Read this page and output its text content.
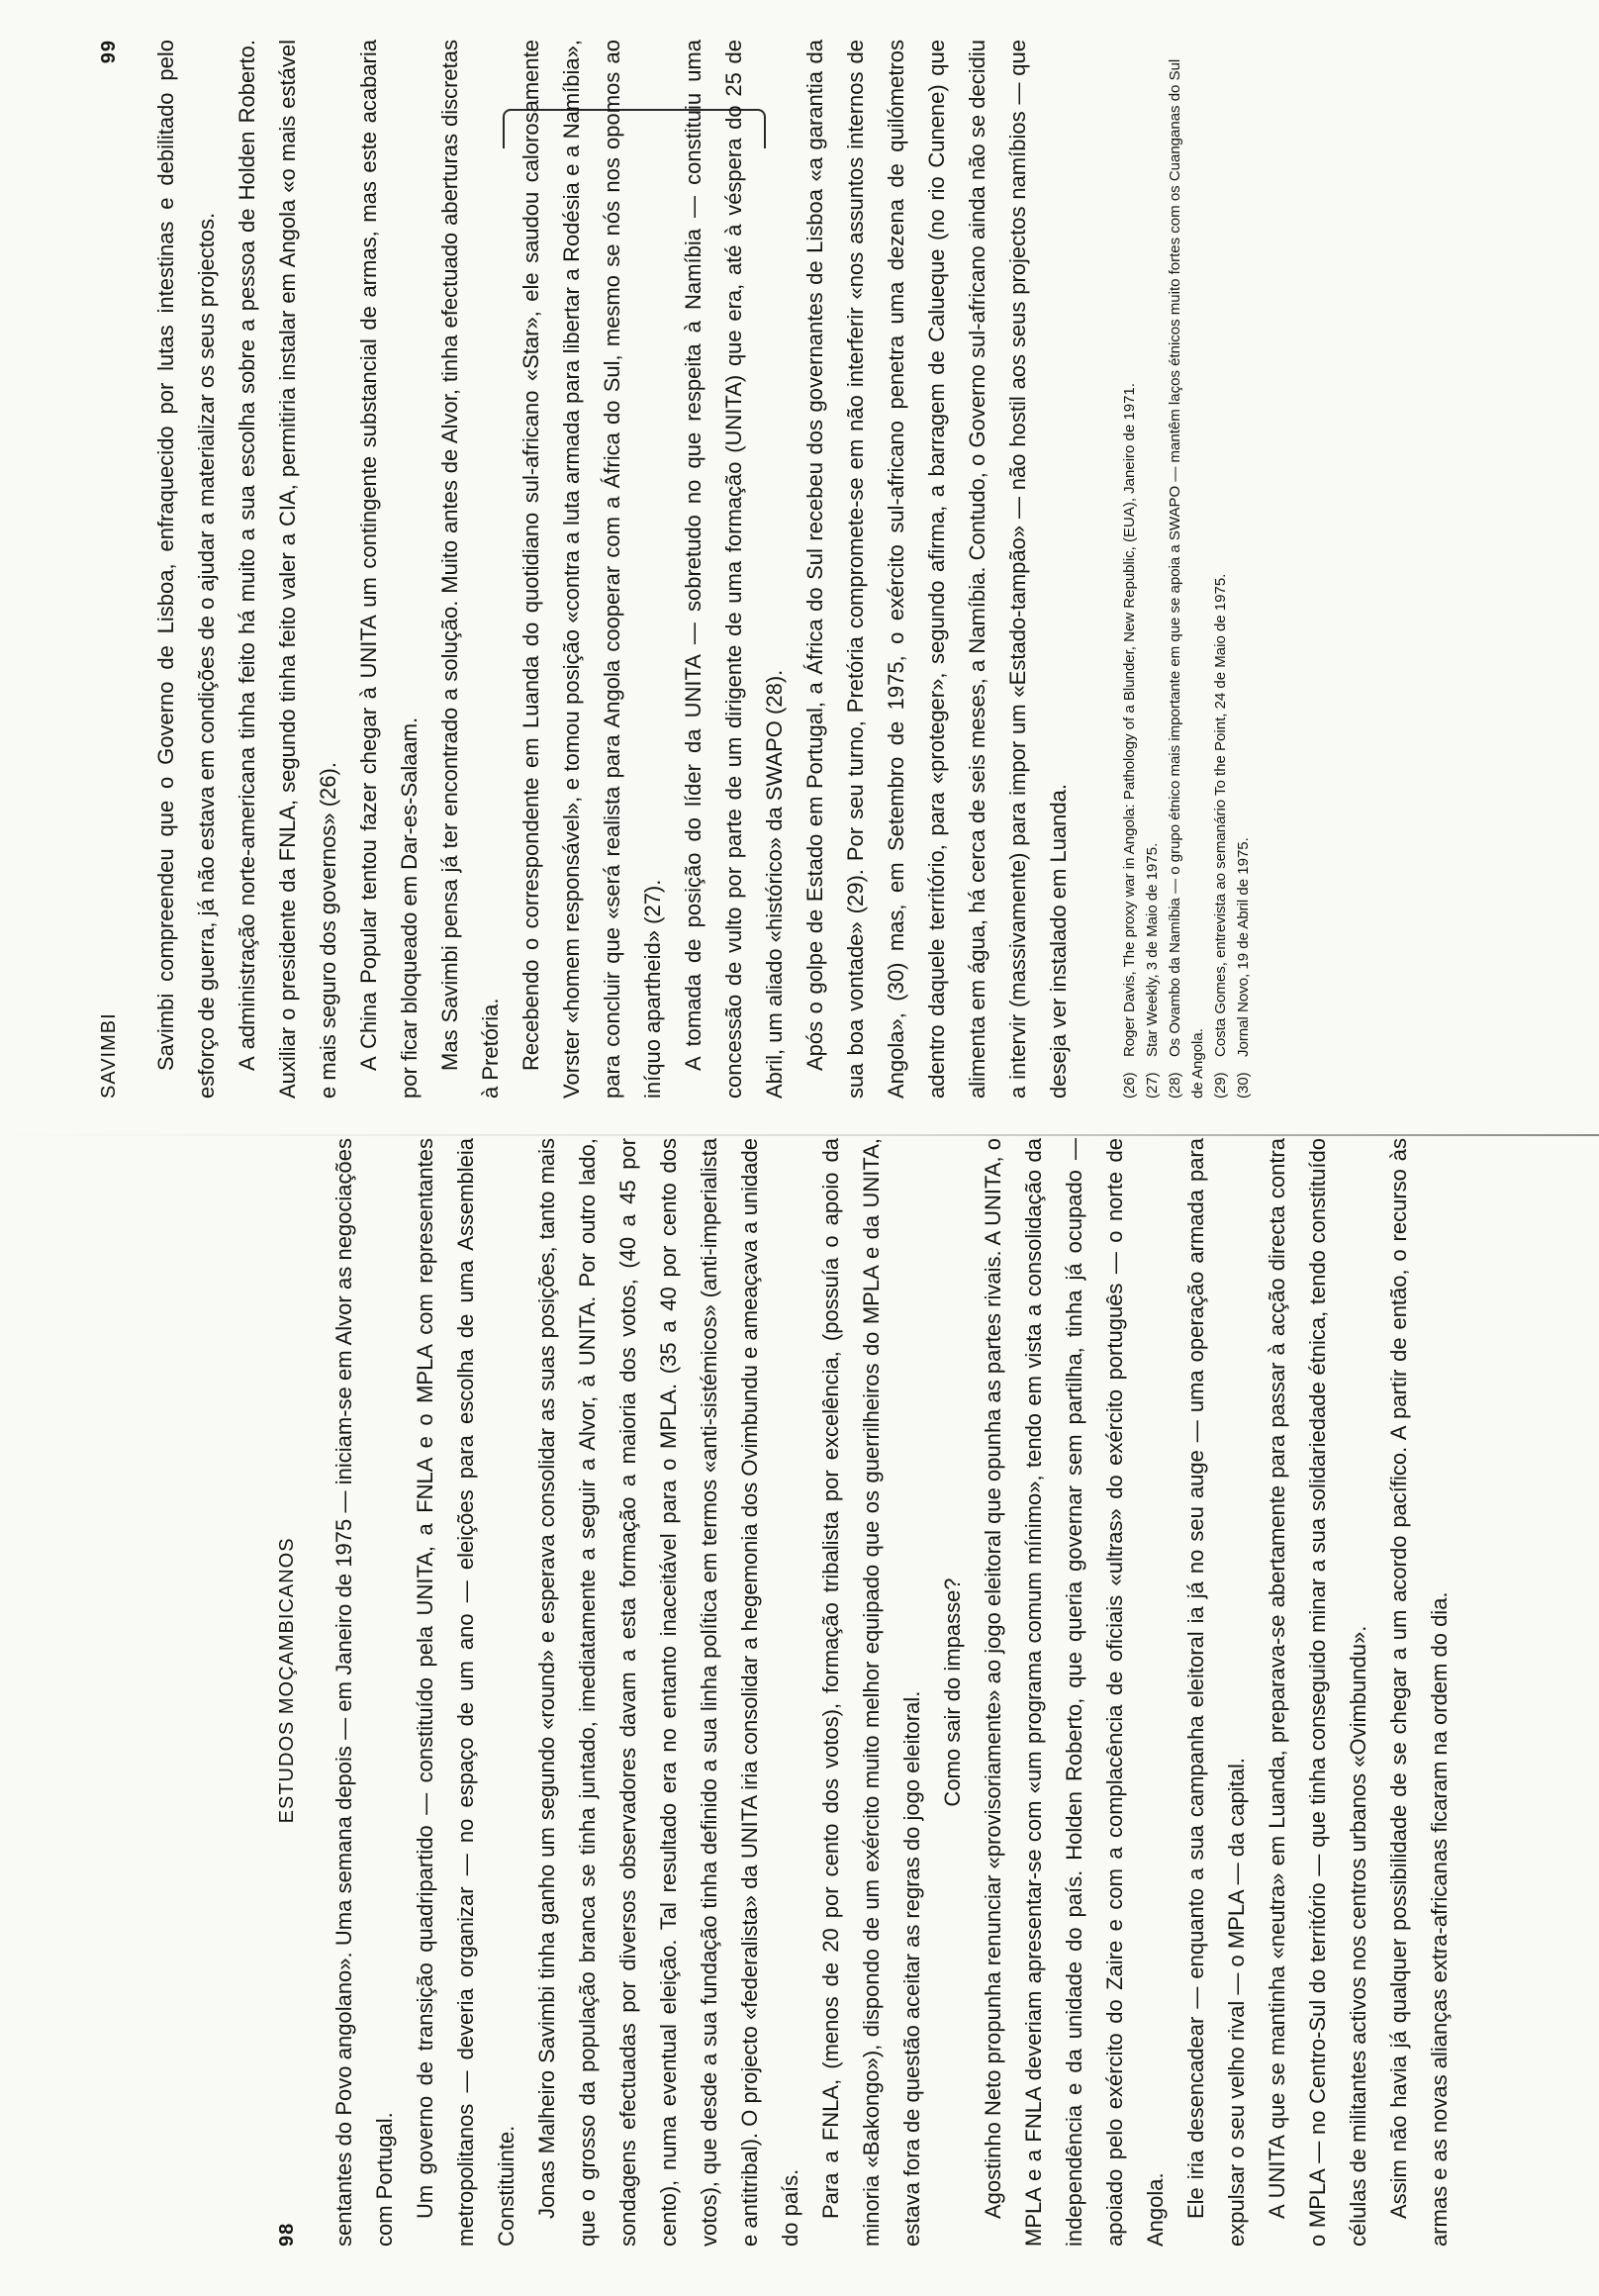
98
ESTUDOS MOÇAMBICANOS	sentantes do Povo angolano». Uma semana depois — em Janeiro de 1975 — iniciam-se em Alvor as negociações com Portugal. Um governo de transição quadripartido — constituído pela UNITA, a FNLA e o MPLA com representantes metropolitanos — deveria organizar — no espaço de um ano — eleições para escolha de uma Assembleia Constituinte. Jonas Malheiro Savimbi tinha ganho um segundo «round» e esperava consolidar as suas posições, tanto mais que o grosso da população branca se tinha juntado, imediatamente a seguir a Alvor, à UNITA. Por outro lado, sondagens efectuadas por diversos observadores davam a esta formação a maioria dos votos, (40 a 45 por cento), numa eventual eleição. Tal resultado era no entanto inaceitável para o MPLA. (35 a 40 por cento dos votos), que desde a sua fundação tinha definido a sua linha política em termos «anti-sistémicos» (anti-imperialista e antitribal). O projecto «federalista» da UNITA iria consolidar a hegemonia dos Ovimbundu e ameaçava a unidade do país. Para a FNLA, (menos de 20 por cento dos votos), formação tribalista por excelência, (possuía o apoio da minoria «Bakongo»), dispondo de um exército muito melhor equipado que os guerrilheiros do MPLA e da UNITA, estava fora de questão aceitar as regras do jogo eleitoral. Como sair do impasse? Agostinho Neto propunha renunciar «provisoriamente» ao jogo eleitoral que opunha as partes rivais. A UNITA, o MPLA e a FNLA deveriam apresentar-se com «um programa comum mínimo», tendo em vista a consolidação da independência e da unidade do país. Holden Roberto, que queria governar sem partilha, tinha já ocupado — apoiado pelo exército do Zaire e com a complacência de oficiais «ultras» do exército português — o norte de Angola. Ele iria desencadear — enquanto a sua campanha eleitoral ia já no seu auge — uma operação armada para expulsar o seu velho rival — o MPLA — da capital. A UNITA que se mantinha «neutra» em Luanda, preparava-se abertamente para passar à acção directa contra o MPLA — no Centro-Sul do território — que tinha conseguido minar a sua solidariedade étnica, tendo constituído células de militantes activos nos centros urbanos «Ovimbundu». Assim não havia já qualquer possibilidade de se chegar a um acordo pacífico. A partir de então, o recurso às armas e as novas alianças extra-africanas ficaram na ordem do dia.

99
SAVIMBI	Savimbi compreendeu que o Governo de Lisboa, enfraquecido por lutas intestinas e debilitado pelo esforço de guerra, já não estava em condições de o ajudar a materializar os seus projectos. A administração norte-americana tinha feito há muito a sua escolha sobre a pessoa de Holden Roberto. Auxiliar o presidente da FNLA, segundo tinha feito valer a CIA, permitiria instalar em Angola «o mais estável e mais seguro dos governos» (26). A China Popular tentou fazer chegar à UNITA um contingente substancial de armas, mas este acabaria por ficar bloqueado em Dar-es-Salaam. Mas Savimbi pensa já ter encontrado a solução. Muito antes de Alvor, tinha efectuado aberturas discretas à Pretória. Recebendo o correspondente em Luanda do quotidiano sul-africano «Star», ele saudou calorosamente Vorster «homem responsável», e tomou posição «contra a luta armada para libertar a Rodésia e a Namíbia», para concluir que «será realista para Angola cooperar com a África do Sul, mesmo se nós nos opomos ao iníquo apartheid» (27). A tomada de posição do líder da UNITA — sobretudo no que respeita à Namíbia — constituiu uma concessão de vulto por parte de um dirigente de uma formação (UNITA) que era, até à véspera do 25 de Abril, um aliado «histórico» da SWAPO (28). Após o golpe de Estado em Portugal, a África do Sul recebeu dos governantes de Lisboa «a garantia da sua boa vontade» (29). Por seu turno, Pretória compromete-se em não interferir «nos assuntos internos de Angola», (30) mas, em Setembro de 1975, o exército sul-africano penetra uma dezena de quilómetros adentro daquele território, para «proteger», segundo afirma, a barragem de Calueque (no rio Cunene) que alimenta em água, há cerca de seis meses, a Namíbia. Contudo, o Governo sul-africano ainda não se decidiu a intervir (massivamente) para impor um «Estado-tampão» — não hostil aos seus projectos namíbios — que deseja ver instalado em Luanda.	(26)Roger Davis, The proxy war in Angola: Pathology of a Blunder, New Republic, (EUA), Janeiro de 1971.

(27)Star Weekly, 3 de Maio de 1975.

(28)Os Ovambo da Namíbia — o grupo étnico mais importante em que se apoia a SWAPO — mantêm laços étnicos muito fortes com os Cuanganas do Sul de Angola. (29)Costa Gomes, entrevista ao semanário To the Point, 24 de Maio de 1975.

(30)Jornal Novo, 19 de Abril de 1975.
